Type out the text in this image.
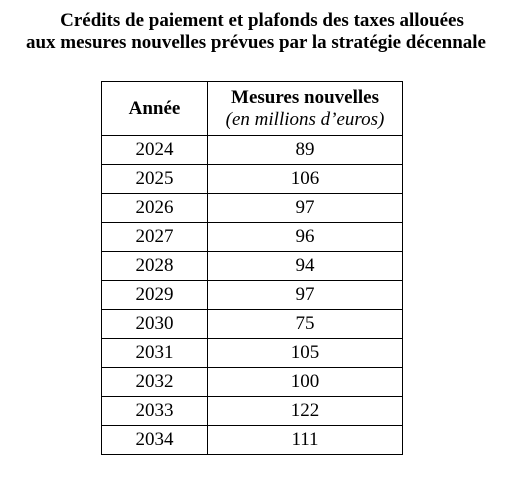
Crédits de paiement et plafonds des taxes allouées
aux mesures nouvelles prévues par la stratégie décennale
Année	Mesures nouvelles
(en millions d’euros)

2024	89
2025	106
2026	97
2027	96
2028	94
2029	97
2030	75
2031	105
2032	100
2033	122
2034	111
